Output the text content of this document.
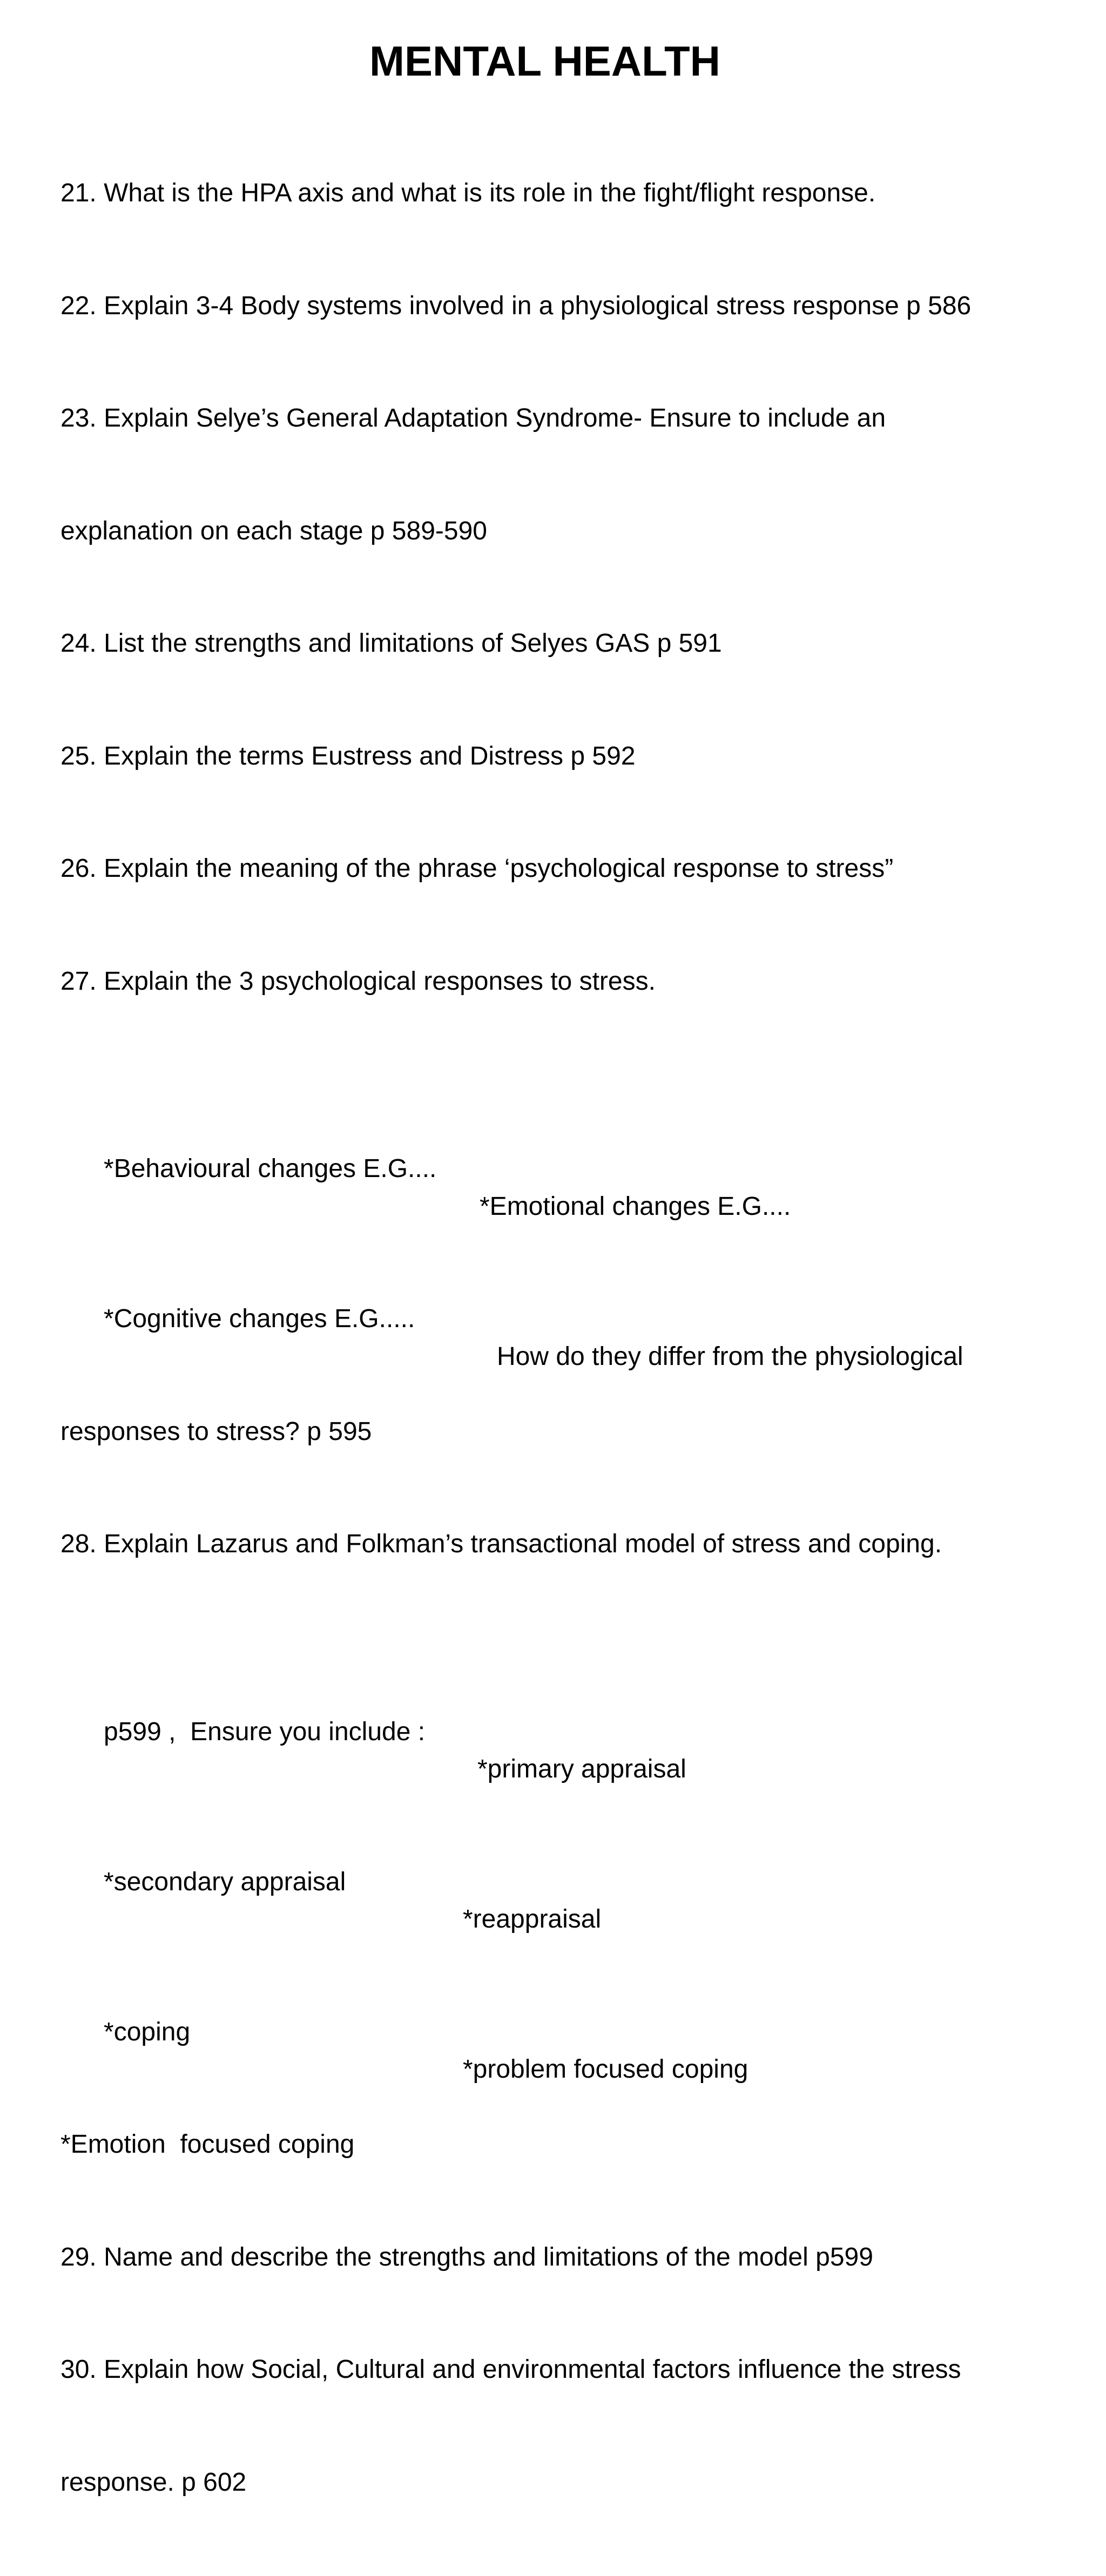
MENTAL HEALTH

21. What is the HPA axis and what is its role in the fight/flight response.

22. Explain 3-4 Body systems involved in a physiological stress response p 586

23. Explain Selye’s General Adaptation Syndrome- Ensure to include an

explanation on each stage p 589-590

24. List the strengths and limitations of Selyes GAS p 591

25. Explain the terms Eustress and Distress p 592

26. Explain the meaning of the phrase ‘psychological response to stress”

27. Explain the 3 psychological responses to stress.

*Behavioural changes E.G....

*Emotional changes E.G....

*Cognitive changes E.G.....

How do they differ from the physiological

responses to stress? p 595

28. Explain Lazarus and Folkman’s transactional model of stress and coping.

p599 ,  Ensure you include :

*primary appraisal

*secondary appraisal

*reappraisal

*coping

*problem focused coping

*Emotion  focused coping

29. Name and describe the strengths and limitations of the model p599

30. Explain how Social, Cultural and environmental factors influence the stress

response. p 602
